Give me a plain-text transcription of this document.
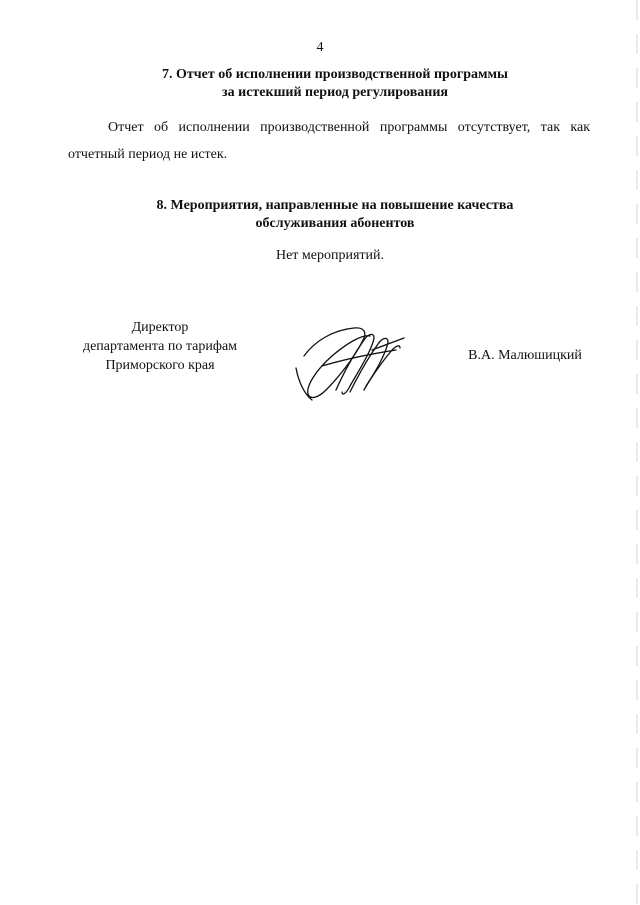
4
7. Отчет об исполнении производственной программы
за истекший период регулирования
Отчет об исполнении производственной программы отсутствует, так как
отчетный период не истек.
8. Мероприятия, направленные на повышение качества
обслуживания абонентов
Нет мероприятий.
Директор
департамента по тарифам
Приморского края
В.А. Малюшицкий
